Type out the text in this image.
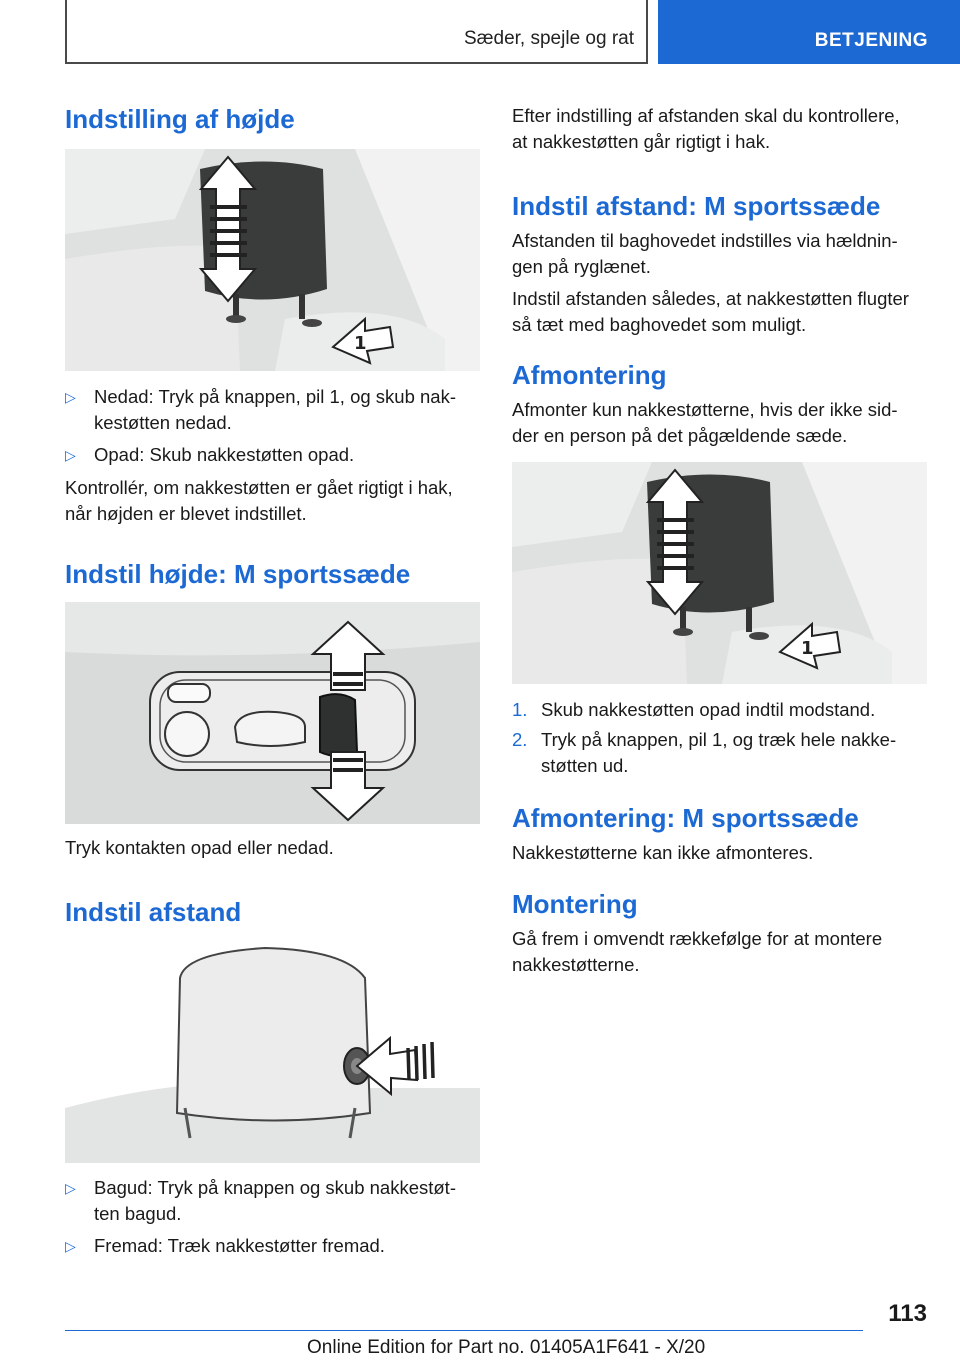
Sæder, spejle og rat	BETJENING
Indstilling af højde
1
▷ Nedad: Tryk på knappen, pil 1, og skub nak-
kestøtten nedad.
▷ Opad: Skub nakkestøtten opad.

Kontrollér, om nakkestøtten er gået rigtigt i hak,
når højden er blevet indstillet.

Indstil højde: M sportssæde

Tryk kontakten opad eller nedad.

Indstil afstand
▷ Bagud: Tryk på knappen og skub nakkestøt-
ten bagud.
▷ Fremad: Træk nakkestøtter fremad.

Efter indstilling af afstanden skal du kontrollere,
at nakkestøtten går rigtigt i hak.

Indstil afstand: M sportssæde

Afstanden til baghovedet indstilles via hældnin-
gen på ryglænet.

Indstil afstanden således, at nakkestøtten flugter
så tæt med baghovedet som muligt.

Afmontering

Afmonter kun nakkestøtterne, hvis der ikke sid-
der en person på det pågældende sæde.

1
1. Skub nakkestøtten opad indtil modstand.
2. Tryk på knappen, pil 1, og træk hele nakke-
støtten ud.
Afmontering: M sportssæde

Nakkestøtterne kan ikke afmonteres.

Montering

Gå frem i omvendt rækkefølge for at montere
nakkestøtterne.

113
Online Edition for Part no. 01405A1F641 - X/20
